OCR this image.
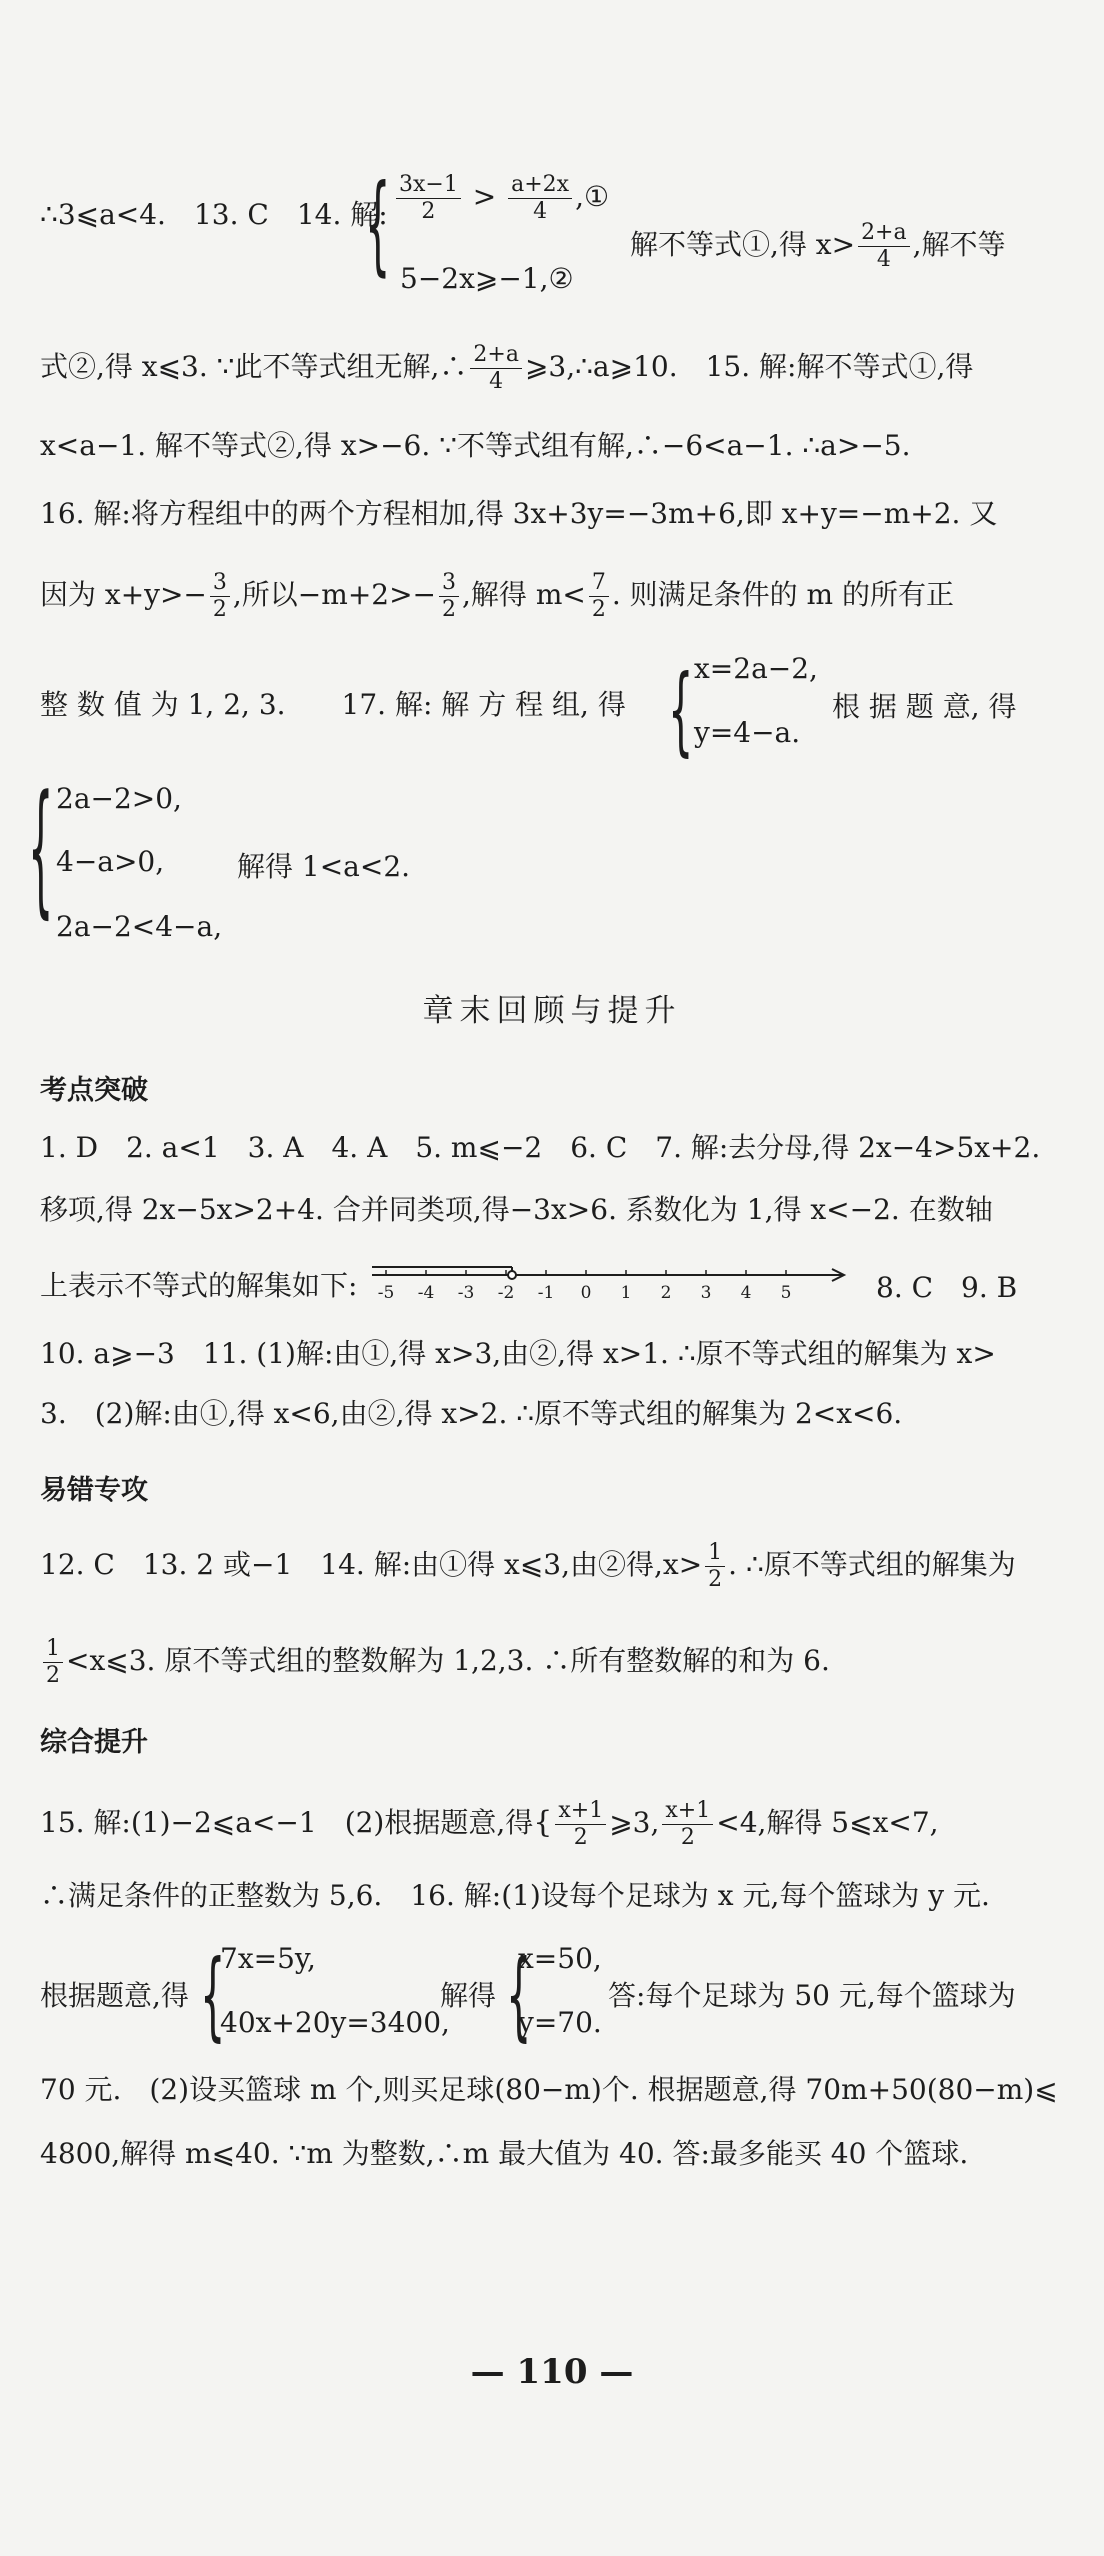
∴3⩽a<4.　13. C　14. 解:
{ $\frac{3x-1}{2} > \frac{a+2x}{4}$ ,①
5−2x⩾−1,②
解不等式①,得 $x> \frac{2+a}{4}$ ,解不等
式②,得 x⩽3. ∵此不等式组无解,∴ $\frac{2+a}{4}$ ⩾3,∴a⩾10.　15. 解:解不等式①,得
x<a−1. 解不等式②,得 x>−6. ∵不等式组有解,∴−6<a−1. ∴a>−5.
16. 解:将方程组中的两个方程相加,得 3x+3y=−3m+6,即 x+y=−m+2. 又
因为 $x+y>- \frac{3}{2}$ ,所以$-m+2>- \frac{3}{2}$ ,解得 $m< \frac{7}{2}$ . 则满足条件的 m 的所有正
整 数 值 为 1, 2, 3.　　17. 解: 解 方 程 组, 得 { x=2a−2,
y=4−a.
根 据 题 意, 得
{ 2a−2>0,
4−a>0,
2a−2<4−a,
解得 1<a<2.
章末回顾与提升
考点突破
1. D　2. a<1　3. A　4. A　5. m⩽−2　6. C　7. 解:去分母,得 2x−4>5x+2.
移项,得 2x−5x>2+4. 合并同类项,得−3x>6. 系数化为 1,得 x<−2. 在数轴
上表示不等式的解集如下: -5 -4 -3 -2 -1 0 1 2 3 4 5	8. C　9. B
10. a⩾−3　11. (1)解:由①,得 x>3,由②,得 x>1. ∴原不等式组的解集为 x>
3.　(2)解:由①,得 x<6,由②,得 x>2. ∴原不等式组的解集为 2<x<6.
易错专攻
12. C　13. 2 或−1　14. 解:由①得 x⩽3,由②得$,x> \frac{1}{2}$ . ∴原不等式组的解集为
$\frac{1}{2}$ <x⩽3. 原不等式组的整数解为 1,2,3. ∴所有整数解的和为 6.
综合提升
15. 解:(1)−2⩽a<−1　(2)根据题意,得{ $\frac{x+1}{2}$ ⩾3, $\frac{x+1}{2} <4$,解得 5⩽x<7,
∴满足条件的正整数为 5,6.　16. 解:(1)设每个足球为 x 元,每个篮球为 y 元.
根据题意,得 {
7x=5y,
40x+20y=3400,
解得 {
x=50,
y=70.
答:每个足球为 50 元,每个篮球为
70 元.　(2)设买篮球 m 个,则买足球(80−m)个. 根据题意,得 70m+50(80−m)⩽
4800,解得 m⩽40. ∵m 为整数,∴m 最大值为 40. 答:最多能买 40 个篮球.
— 110 —
